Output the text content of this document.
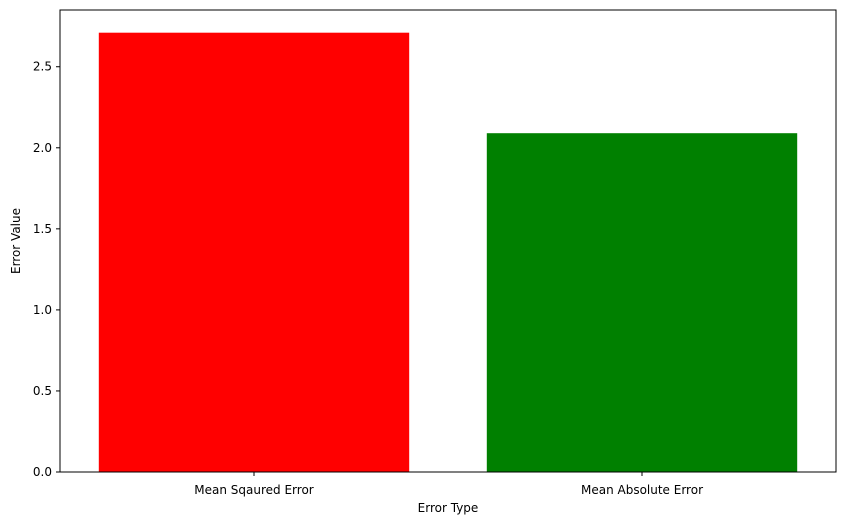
0.0
0.5
1.0
1.5
2.0
2.5
Mean Sqaured Error	Mean Absolute Error
Error Type
Error Value
